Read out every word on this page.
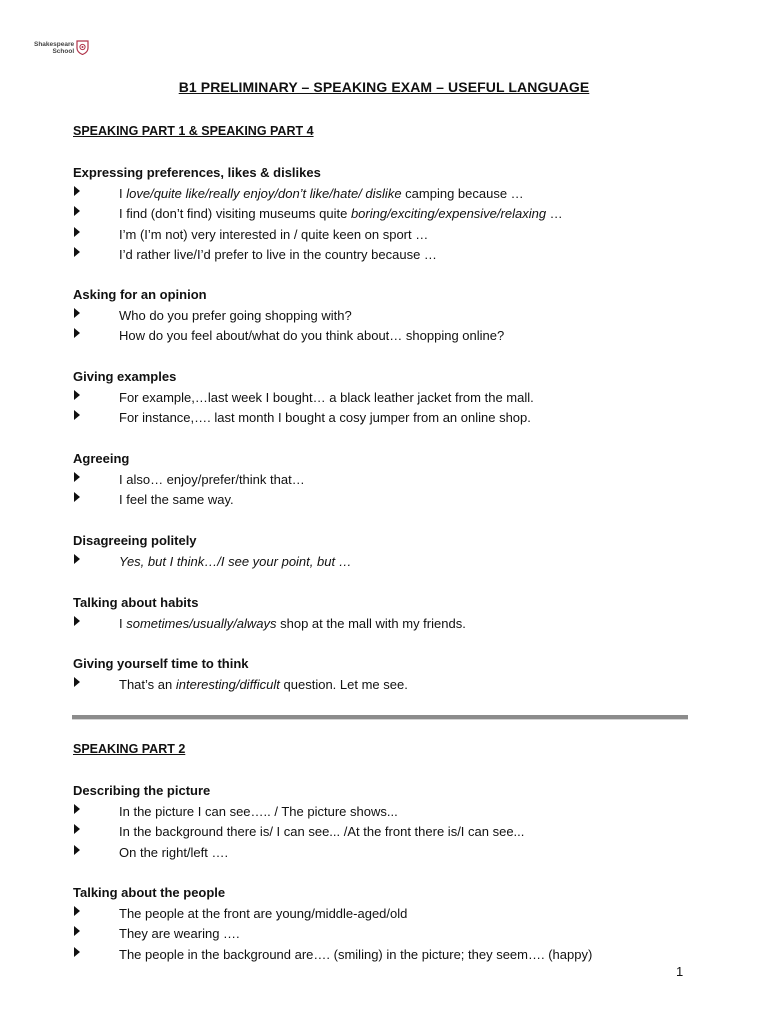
Shakespeare
School
B1 PRELIMINARY – SPEAKING EXAM – USEFUL LANGUAGE
SPEAKING PART 1 & SPEAKING PART 4
SPEAKING PART 2
Expressing preferences, likes & dislikes
I love/quite like/really enjoy/don’t like/hate/ dislike camping because …
I find (don’t find) visiting museums quite boring/exciting/expensive/relaxing …
I’m (I’m not) very interested in / quite keen on sport …
I’d rather live/I’d prefer to live in the country because …
Asking for an opinion
Who do you prefer going shopping with?
How do you feel about/what do you think about… shopping online?
Giving examples
For example,…last week I bought… a black leather jacket from the mall.
For instance,…. last month I bought a cosy jumper from an online shop.
Agreeing
I also… enjoy/prefer/think that…
I feel the same way.
Disagreeing politely
Yes, but I think…/I see your point, but …
Talking about habits
I sometimes/usually/always shop at the mall with my friends.
Giving yourself time to think
That’s an interesting/difficult question. Let me see.
Describing the picture
In the picture I can see….. / The picture shows...
In the background there is/ I can see... /At the front there is/I can see...
On the right/left ….
Talking about the people
The people at the front are young/middle-aged/old
They are wearing ….
The people in the background are…. (smiling) in the picture; they seem…. (happy)
1
